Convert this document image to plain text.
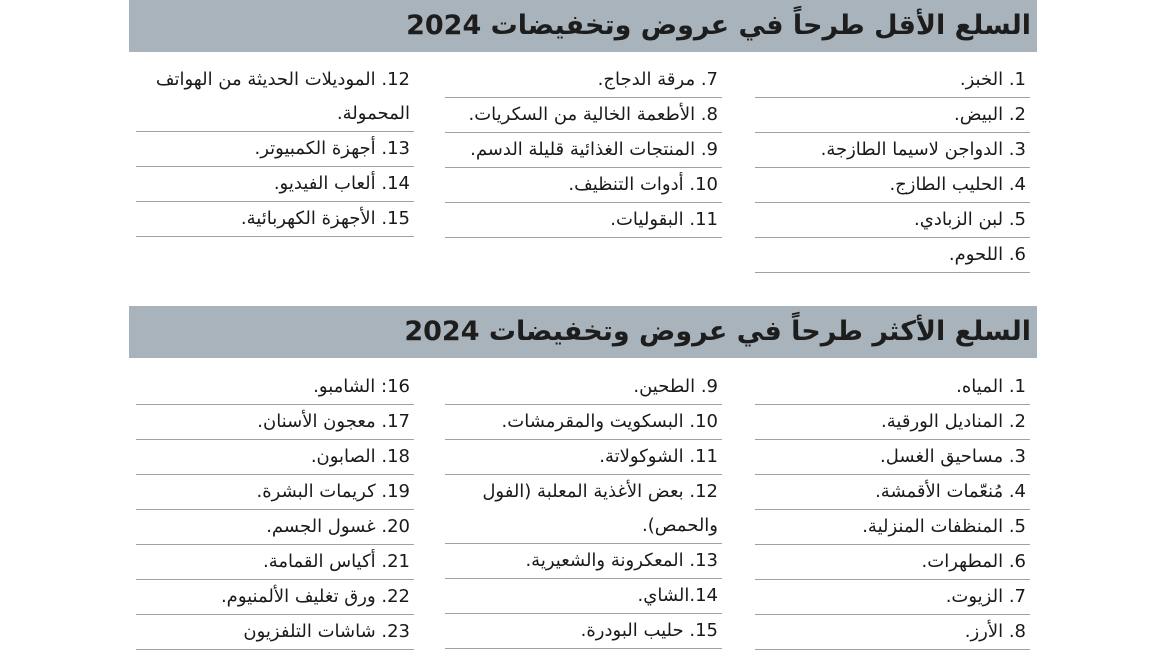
السلع الأقل طرحاً في عروض وتخفيضات 2024
1. الخبز.
2. البيض.
3. الدواجن لاسيما الطازجة.
4. الحليب الطازج.
5. لبن الزبادي.
6. اللحوم.
7. مرقة الدجاج.
8. الأطعمة الخالية من السكريات.
9. المنتجات الغذائية قليلة الدسم.
10. أدوات التنظيف.
11. البقوليات.
12. الموديلات الحديثة من الهواتف المحمولة.
13. أجهزة الكمبيوتر.
14. ألعاب الفيديو.
15. الأجهزة الكهربائية.
السلع الأكثر طرحاً في عروض وتخفيضات 2024
1. المياه.
2. المناديل الورقية.
3. مساحيق الغسل.
4. مُنعّمات الأقمشة.
5. المنظفات المنزلية.
6. المطهرات.
7. الزيوت.
8. الأرز.
9. الطحين.
10. البسكويت والمقرمشات.
11. الشوكولاتة.
12. بعض الأغذية المعلبة (الفول والحمص).
13. المعكرونة والشعيرية.
14.الشاي.
15. حليب البودرة.
16: الشامبو.
17. معجون الأسنان.
18. الصابون.
19. كريمات البشرة.
20. غسول الجسم.
21. أكياس القمامة.
22. ورق تغليف الألمنيوم.
23. شاشات التلفزيون
